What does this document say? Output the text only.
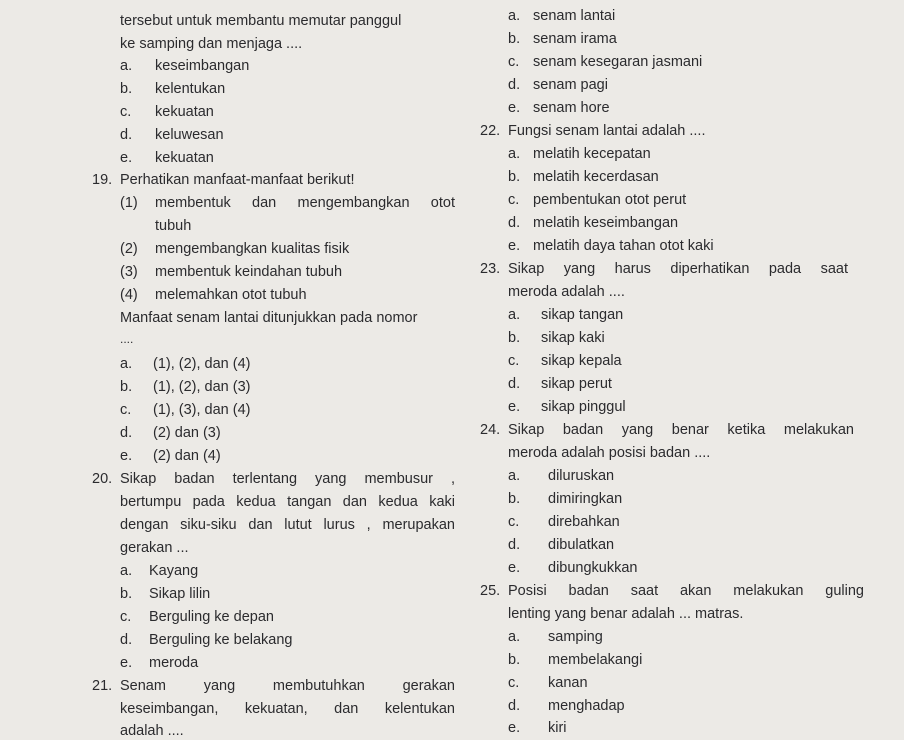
tersebut untuk membantu memutar panggul
ke samping dan menjaga ....
a. keseimbangan
b. kelentukan
c. kekuatan
d. keluwesan
e. kekuatan
19. Perhatikan manfaat-manfaat berikut!
(1) membentuk dan mengembangkan otot
tubuh
(2) mengembangkan kualitas fisik
(3) membentuk keindahan tubuh
(4) melemahkan otot tubuh
Manfaat senam lantai ditunjukkan pada nomor
....
a. (1), (2), dan (4)
b. (1), (2), dan (3)
c. (1), (3), dan (4)
d. (2) dan (3)
e. (2) dan (4)
20. Sikap badan terlentang yang membusur ,
bertumpu pada kedua tangan dan kedua kaki
dengan siku-siku dan lutut lurus , merupakan
gerakan ...
a. Kayang
b. Sikap lilin
c. Berguling ke depan
d. Berguling ke belakang
e. meroda
21. Senam yang membutuhkan gerakan
keseimbangan, kekuatan, dan kelentukan
adalah ....
a. senam lantai
b. senam irama
c. senam kesegaran jasmani
d. senam pagi
e. senam hore
22. Fungsi senam lantai adalah ....
a. melatih kecepatan
b. melatih kecerdasan
c. pembentukan otot perut
d. melatih keseimbangan
e. melatih daya tahan otot kaki
23. Sikap yang harus diperhatikan pada saat
meroda adalah ....
a. sikap tangan
b. sikap kaki
c. sikap kepala
d. sikap perut
e. sikap pinggul
24. Sikap badan yang benar ketika melakukan
meroda adalah posisi badan ....
a. diluruskan
b. dimiringkan
c. direbahkan
d. dibulatkan
e. dibungkukkan
25. Posisi badan saat akan melakukan guling
lenting yang benar adalah ... matras.
a. samping
b. membelakangi
c. kanan
d. menghadap
e. kiri
